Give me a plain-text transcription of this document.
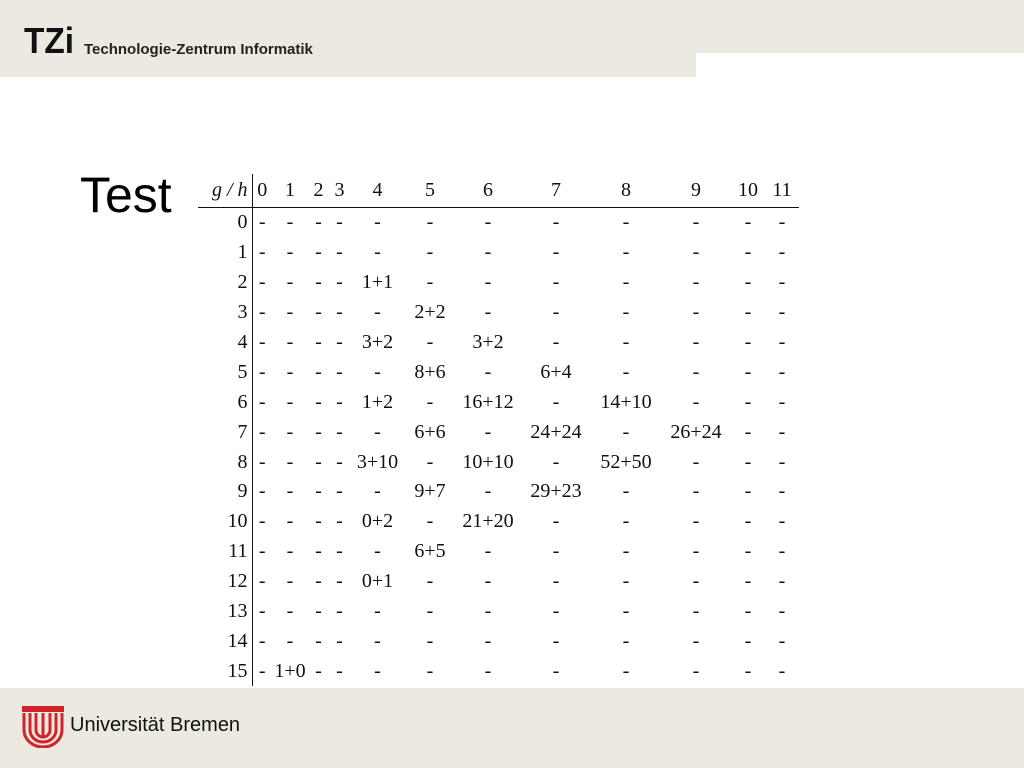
TZi Technologie-Zentrum Informatik
Test g / h	0	1	2	3	4	5	6	7	8	9	10	11
0	-	-	-	-	-	-	-	-	-	-	-	-
1	-	-	-	-	-	-	-	-	-	-	-	-
2	-	-	-	-	1+1	-	-	-	-	-	-	-
3	-	-	-	-	-	2+2	-	-	-	-	-	-
4	-	-	-	-	3+2	-	3+2	-	-	-	-	-
5	-	-	-	-	-	8+6	-	6+4	-	-	-	-
6	-	-	-	-	1+2	-	16+12	-	14+10	-	-	-
7	-	-	-	-	-	6+6	-	24+24	-	26+24	-	-
8	-	-	-	-	3+10	-	10+10	-	52+50	-	-	-
9	-	-	-	-	-	9+7	-	29+23	-	-	-	-
10	-	-	-	-	0+2	-	21+20	-	-	-	-	-
11	-	-	-	-	-	6+5	-	-	-	-	-	-
12	-	-	-	-	0+1	-	-	-	-	-	-	-
13	-	-	-	-	-	-	-	-	-	-	-	-
14	-	-	-	-	-	-	-	-	-	-	-	-
15	-	1+0	-	-	-	-	-	-	-	-	-	-
Universität Bremen
